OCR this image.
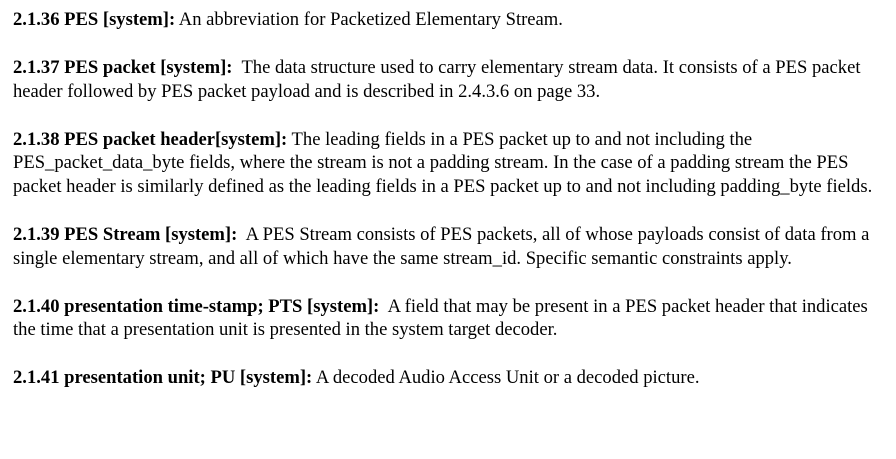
2.1.36 PES [system]: An abbreviation for Packetized Elementary Stream.

2.1.37 PES packet [system]: The data structure used to carry elementary stream data. It consists of a PES packet header followed by PES packet payload and is described in 2.4.3.6 on page 33.

2.1.38 PES packet header[system]: The leading fields in a PES packet up to and not including the PES_packet_data_byte fields, where the stream is not a padding stream. In the case of a padding stream the PES packet header is similarly defined as the leading fields in a PES packet up to and not including padding_byte fields.

2.1.39 PES Stream [system]: A PES Stream consists of PES packets, all of whose payloads consist of data from a single elementary stream, and all of which have the same stream_id. Specific semantic constraints apply.

2.1.40 presentation time-stamp; PTS [system]: A field that may be present in a PES packet header that indicates the time that a presentation unit is presented in the system target decoder.

2.1.41 presentation unit; PU [system]: A decoded Audio Access Unit or a decoded picture.
